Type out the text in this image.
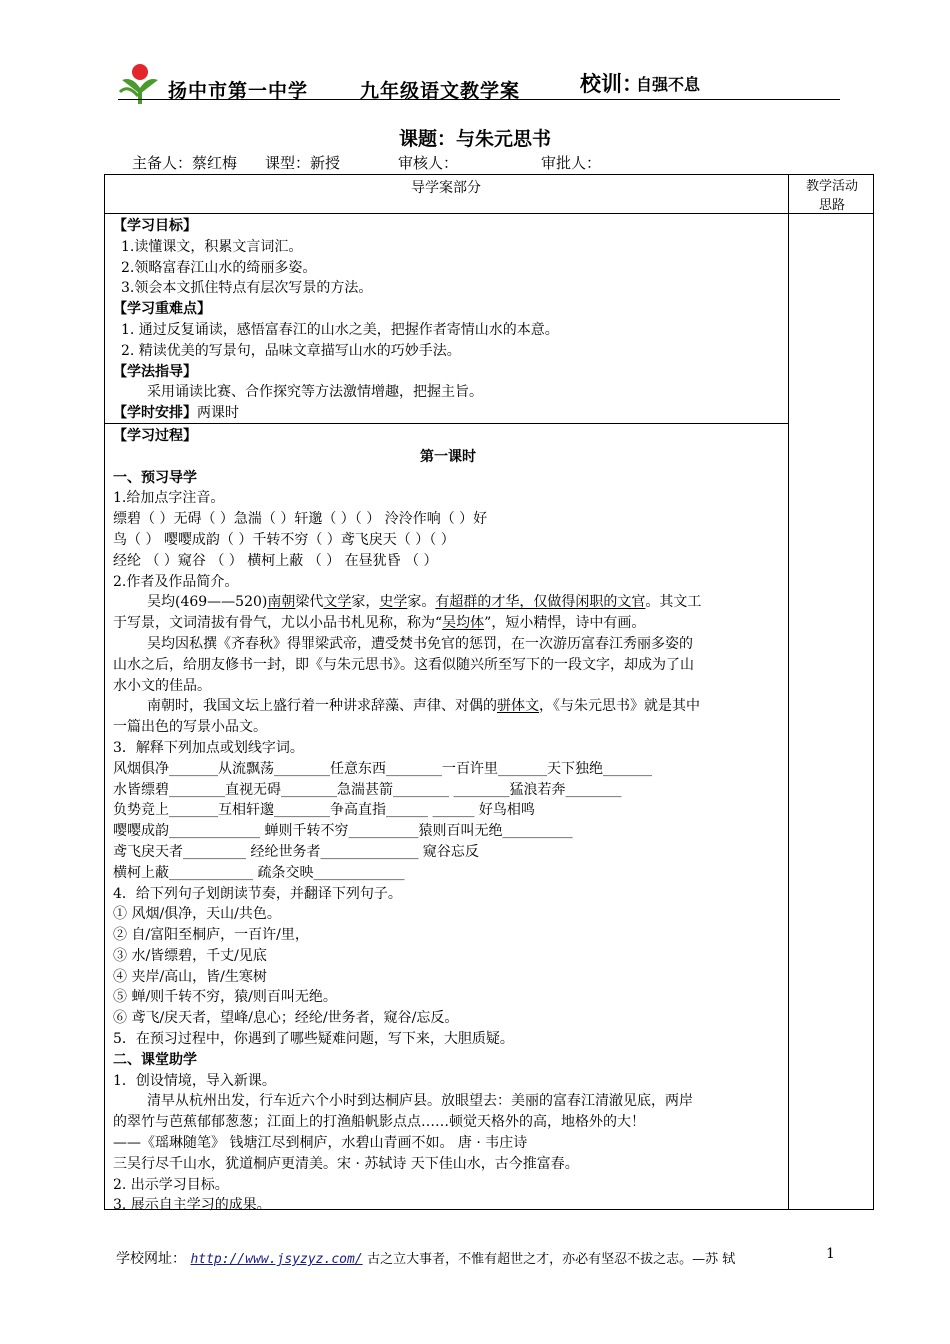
扬中市第一中学	九年级语文教学案	校训：
自强不息
课题：与朱元思书
主备人：蔡红梅 课型：新授	审核人：	审批人：
导学案部分	教学活动
思路
【学习目标】
1.读懂课文，积累文言词汇。
2.领略富春江山水的绮丽多姿。
3.领会本文抓住特点有层次写景的方法。
【学习重难点】
1. 通过反复诵读，感悟富春江的山水之美，把握作者寄情山水的本意。
2. 精读优美的写景句，品味文章描写山水的巧妙手法。
【学法指导】
采用诵读比赛、合作探究等方法激情增趣，把握主旨。
【学时安排】两课时
【学习过程】
第一课时
一、预习导学
1.给加点字注音。
缥碧（ ）无碍（ ）急湍（ ）轩邈（ ）（ ） 泠泠作响（ ）好
鸟（ ） 嘤嘤成韵（ ）千转不穷（ ）鸢飞戾天（ ）（ ）
经纶 （ ）窥谷 （ ） 横柯上蔽 （ ） 在昼犹昏 （ ）
2.作者及作品简介。
吴均(469——520)南朝梁代文学家，史学家。有超群的才华，仅做得闲职的文官。其文工
于写景，文词清拔有骨气，尤以小品书札见称，称为“吴均体”，短小精悍，诗中有画。
吴均因私撰《齐春秋》得罪梁武帝，遭受焚书免官的惩罚，在一次游历富春江秀丽多姿的
山水之后，给朋友修书一封，即《与朱元思书》。这看似随兴所至写下的一段文字，却成为了山
水小文的佳品。
南朝时，我国文坛上盛行着一种讲求辞藻、声律、对偶的骈体文，《与朱元思书》就是其中
一篇出色的写景小品文。
3．解释下列加点或划线字词。
风烟俱净_______从流飘荡________任意东西________一百许里_______天下独绝_______
水皆缥碧________直视无碍________急湍甚箭________ ________猛浪若奔________
负势竞上_______互相轩邈________争高直指______ ______ 好鸟相鸣
嘤嘤成韵_____________ 蝉则千转不穷__________猿则百叫无绝__________
鸢飞戾天者_________ 经纶世务者______________ 窥谷忘反
横柯上蔽____________ 疏条交映_____________
4．给下列句子划朗读节奏，并翻译下列句子。
① 风烟/俱净，天山/共色。
② 自/富阳至桐庐，一百许/里，
③ 水/皆缥碧，千丈/见底
④ 夹岸/高山，皆/生寒树
⑤ 蝉/则千转不穷，猿/则百叫无绝。
⑥ 鸢飞/戾天者，望峰/息心；经纶/世务者，窥谷/忘反。
5．在预习过程中，你遇到了哪些疑难问题，写下来，大胆质疑。
二、课堂助学
1．创设情境，导入新课。
清早从杭州出发，行车近六个小时到达桐庐县。放眼望去：美丽的富春江清澈见底，两岸
的翠竹与芭蕉郁郁葱葱；江面上的打渔船帆影点点……顿觉天格外的高，地格外的大！
——《瑶琳随笔》 钱塘江尽到桐庐，水碧山青画不如。 唐 · 韦庄诗
三吴行尽千山水，犹道桐庐更清美。宋 · 苏轼诗 天下佳山水，古今推富春。
2. 出示学习目标。
3. 展示自主学习的成果。
学校网址： http://www.jsyzyz.com/ 古之立大事者，不惟有超世之才，亦必有坚忍不拔之志。—苏 轼	1
